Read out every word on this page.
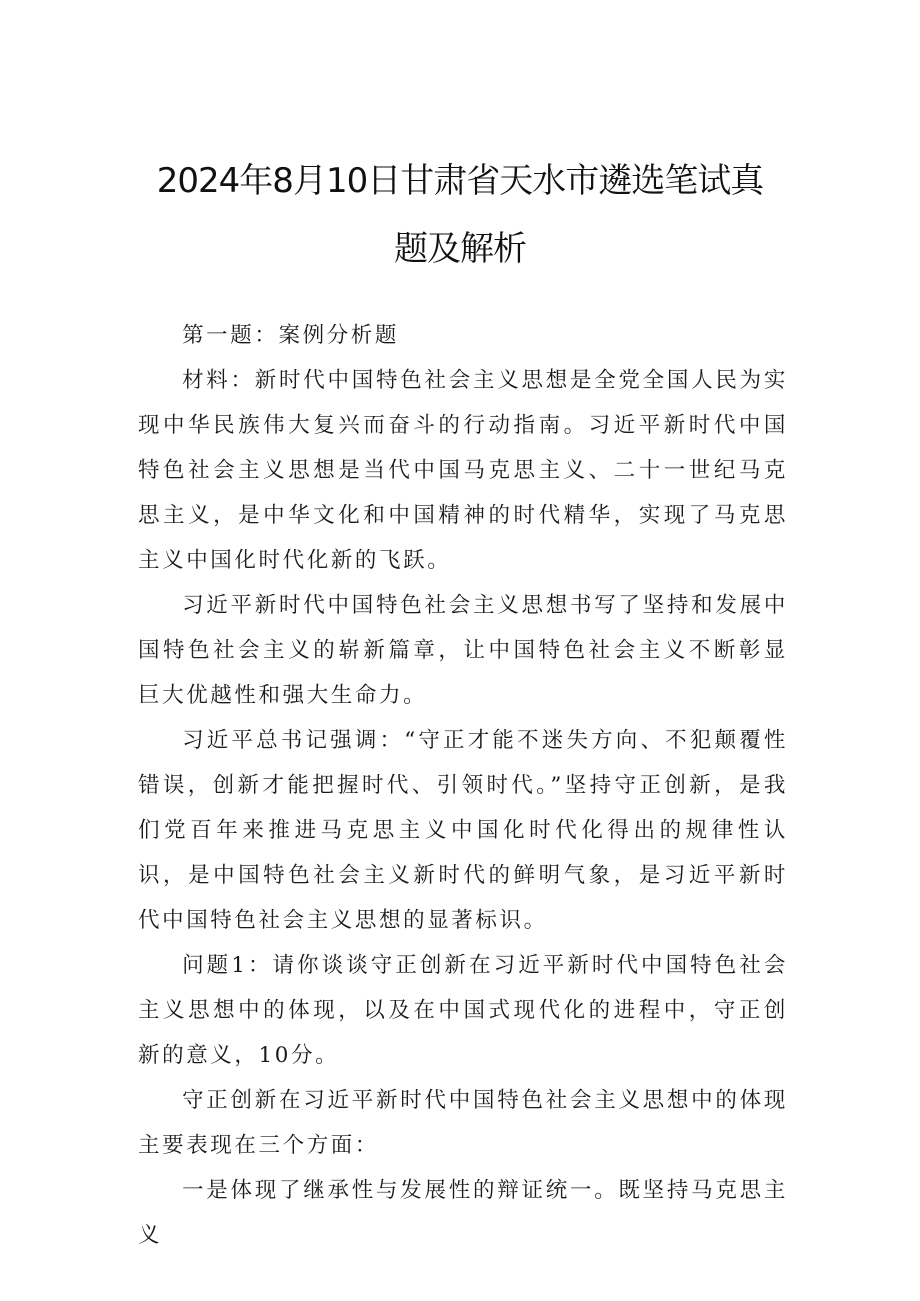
2024年8月10日甘肃省天水市遴选笔试真
题及解析

第一题：案例分析题

材料：新时代中国特色社会主义思想是全党全国人民为实现中华民族伟大复兴而奋斗的行动指南。习近平新时代中国特色社会主义思想是当代中国马克思主义、二十一世纪马克思主义，是中华文化和中国精神的时代精华，实现了马克思主义中国化时代化新的飞跃。

习近平新时代中国特色社会主义思想书写了坚持和发展中国特色社会主义的崭新篇章，让中国特色社会主义不断彰显巨大优越性和强大生命力。

习近平总书记强调：“守正才能不迷失方向、不犯颠覆性错误，创新才能把握时代、引领时代。”坚持守正创新，是我们党百年来推进马克思主义中国化时代化得出的规律性认识，是中国特色社会主义新时代的鲜明气象，是习近平新时代中国特色社会主义思想的显著标识。

问题1：请你谈谈守正创新在习近平新时代中国特色社会主义思想中的体现，以及在中国式现代化的进程中，守正创新的意义，10分。

守正创新在习近平新时代中国特色社会主义思想中的体现主要表现在三个方面：

一是体现了继承性与发展性的辩证统一。既坚持马克思主义
